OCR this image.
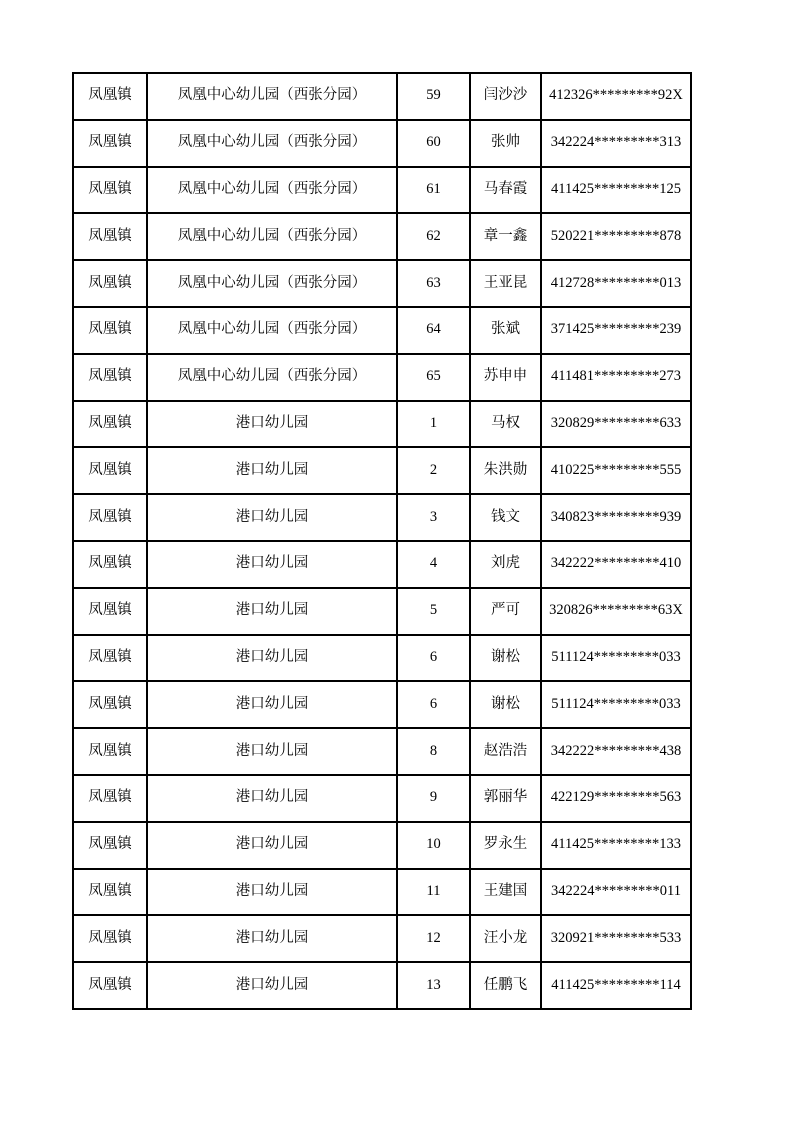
凤凰镇	凤凰中心幼儿园（西张分园）	59	闫沙沙	412326*********92X
凤凰镇	凤凰中心幼儿园（西张分园）	60	张帅	342224*********313
凤凰镇	凤凰中心幼儿园（西张分园）	61	马春霞	411425*********125
凤凰镇	凤凰中心幼儿园（西张分园）	62	章一鑫	520221*********878
凤凰镇	凤凰中心幼儿园（西张分园）	63	王亚昆	412728*********013
凤凰镇	凤凰中心幼儿园（西张分园）	64	张斌	371425*********239
凤凰镇	凤凰中心幼儿园（西张分园）	65	苏申申	411481*********273
凤凰镇	港口幼儿园	1	马权	320829*********633
凤凰镇	港口幼儿园	2	朱洪勋	410225*********555
凤凰镇	港口幼儿园	3	钱文	340823*********939
凤凰镇	港口幼儿园	4	刘虎	342222*********410
凤凰镇	港口幼儿园	5	严可	320826*********63X
凤凰镇	港口幼儿园	6	谢松	511124*********033
凤凰镇	港口幼儿园	6	谢松	511124*********033
凤凰镇	港口幼儿园	8	赵浩浩	342222*********438
凤凰镇	港口幼儿园	9	郭丽华	422129*********563
凤凰镇	港口幼儿园	10	罗永生	411425*********133
凤凰镇	港口幼儿园	11	王建国	342224*********011
凤凰镇	港口幼儿园	12	汪小龙	320921*********533
凤凰镇	港口幼儿园	13	任鹏飞	411425*********114
